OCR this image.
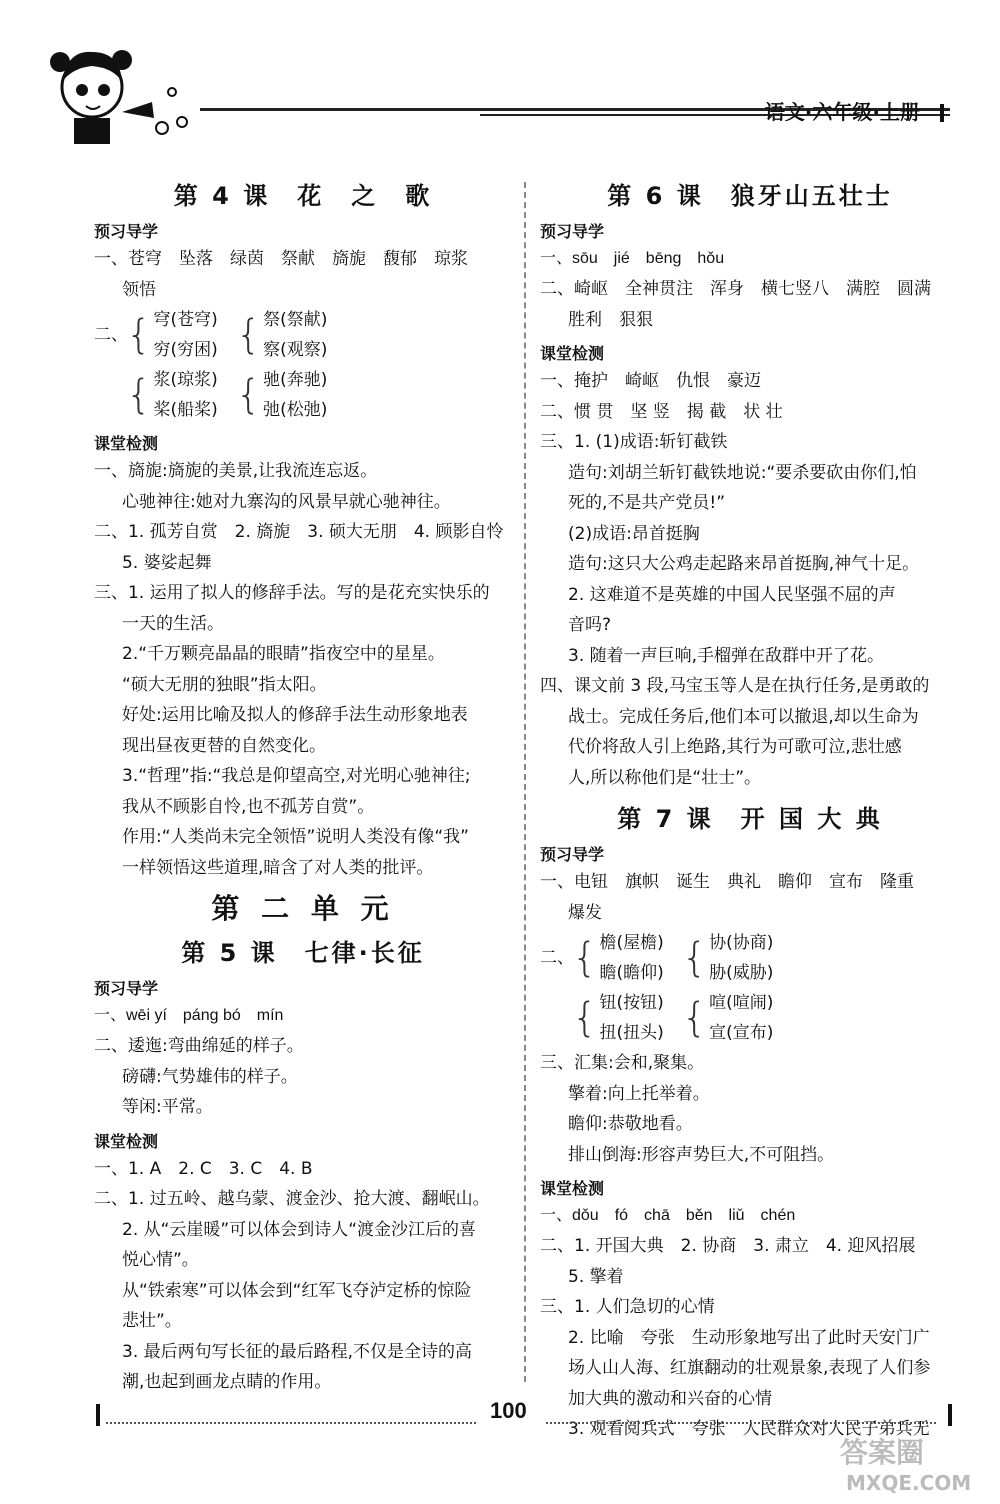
语文·六年级·上册
第 4 课　花　之　歌
预习导学
一、苍穹　坠落　绿茵　祭献　旖旎　馥郁　琼浆
领悟
二、
{ 穹(苍穹)
穷(穷困) { 祭(祭献)
察(观察)
{ 浆(琼浆)
桨(船桨) { 驰(奔驰)
弛(松弛)
课堂检测
一、旖旎:旖旎的美景,让我流连忘返。
心驰神往:她对九寨沟的风景早就心驰神往。
二、1. 孤芳自赏　2. 旖旎　3. 硕大无朋　4. 顾影自怜
5. 婆娑起舞
三、1. 运用了拟人的修辞手法。写的是花充实快乐的
一天的生活。
2.“千万颗亮晶晶的眼睛”指夜空中的星星。
“硕大无朋的独眼”指太阳。
好处:运用比喻及拟人的修辞手法生动形象地表
现出昼夜更替的自然变化。
3.“哲理”指:“我总是仰望高空,对光明心驰神往;
我从不顾影自怜,也不孤芳自赏”。
作用:“人类尚未完全领悟”说明人类没有像“我”
一样领悟这些道理,暗含了对人类的批评。
第 二 单 元
第 5 课　七律·长征
预习导学
一、wēi yí　páng bó　mín
二、逶迤:弯曲绵延的样子。
磅礴:气势雄伟的样子。
等闲:平常。
课堂检测
一、1. A　2. C　3. C　4. B
二、1. 过五岭、越乌蒙、渡金沙、抢大渡、翻岷山。
2. 从“云崖暖”可以体会到诗人“渡金沙江后的喜
悦心情”。
从“铁索寒”可以体会到“红军飞夺泸定桥的惊险
悲壮”。
3. 最后两句写长征的最后路程,不仅是全诗的高
潮,也起到画龙点睛的作用。
第 6 课　狼牙山五壮士
预习导学
一、sōu　jié　bēng　hǒu
二、崎岖　全神贯注　浑身　横七竖八　满腔　圆满
胜利　狠狠
课堂检测
一、掩护　崎岖　仇恨　豪迈
二、惯 贯　坚 竖　揭 截　状 壮
三、1. (1)成语:斩钉截铁
造句:刘胡兰斩钉截铁地说:“要杀要砍由你们,怕
死的,不是共产党员!”
(2)成语:昂首挺胸
造句:这只大公鸡走起路来昂首挺胸,神气十足。
2. 这难道不是英雄的中国人民坚强不屈的声
音吗?
3. 随着一声巨响,手榴弹在敌群中开了花。
四、课文前 3 段,马宝玉等人是在执行任务,是勇敢的
战士。完成任务后,他们本可以撤退,却以生命为
代价将敌人引上绝路,其行为可歌可泣,悲壮感
人,所以称他们是“壮士”。
第 7 课　开 国 大 典
预习导学
一、电钮　旗帜　诞生　典礼　瞻仰　宣布　隆重
爆发
二、
{ 檐(屋檐)
瞻(瞻仰) { 协(协商)
胁(威胁)
{ 钮(按钮)
扭(扭头) { 喧(喧闹)
宣(宣布)
三、汇集:会和,聚集。
擎着:向上托举着。
瞻仰:恭敬地看。
排山倒海:形容声势巨大,不可阻挡。
课堂检测
一、dǒu　fó　chā　běn　liǔ　chén
二、1. 开国大典　2. 协商　3. 肃立　4. 迎风招展
5. 擎着
三、1. 人们急切的心情
2. 比喻　夸张　生动形象地写出了此时天安门广
场人山人海、红旗翻动的壮观景象,表现了人们参
加大典的激动和兴奋的心情
3. 观看阅兵式　夸张　人民群众对人民子弟兵无
100
答案圈
MXQE.COM
